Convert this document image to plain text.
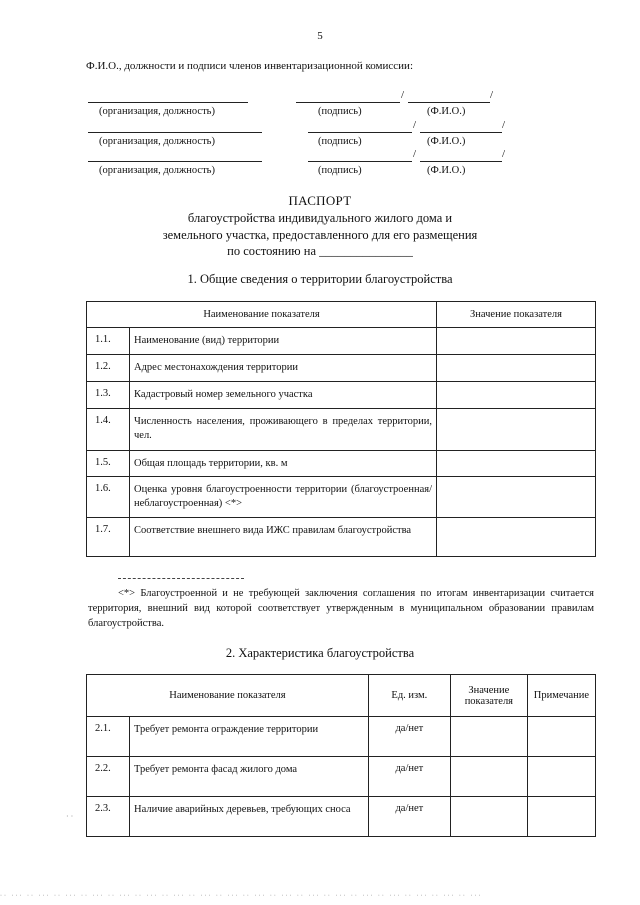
5
Ф.И.О., должности и подписи членов инвентаризационной комиссии:
/	/
(организация, должность)	(подпись)	(Ф.И.О.)
/	/
(организация, должность)	(подпись)	(Ф.И.О.)
/	/
(организация, должность)	(подпись)	(Ф.И.О.)
ПАСПОРТ
благоустройства индивидуального жилого дома и
земельного участка, предоставленного для его размещения
по состоянию на _______________
1. Общие сведения о территории благоустройства
Наименование показателя		Значение показателя
1.1.	Наименование (вид) территории	
1.2.	Адрес местонахождения территории	
1.3.	Кадастровый номер земельного участка	
1.4.	Численность населения, проживающего в пределах территории, чел.	
1.5.	Общая площадь территории, кв. м	
1.6.	Оценка уровня благоустроенности территории (благоустроенная/неблагоустроенная) <*>	
1.7.	Соответствие внешнего вида ИЖС правилам благоустройства	
<*> Благоустроенной и не требующей заключения соглашения по итогам инвентаризации считается территория, внешний вид которой соответствует утвержденным в муниципальном образовании правилам благоустройства.
2. Характеристика благоустройства
Наименование показателя		Ед. изм.	Значение показателя	Примечание
2.1.	Требует ремонта ограждение территории	да/нет		
2.2.	Требует ремонта фасад жилого дома	да/нет		
2.3.	Наличие аварийных деревьев, требующих сноса	да/нет		
· ·
·· ··· ·· ··· ·· ··· ·· ··· ·· ··· ·· ··· ·· ··· ·· ··· ·· ··· ·· ··· ·· ··· ·· ··· ·· ··· ·· ··· ·· ··· ·· ··· ·· ··· ·· ···
